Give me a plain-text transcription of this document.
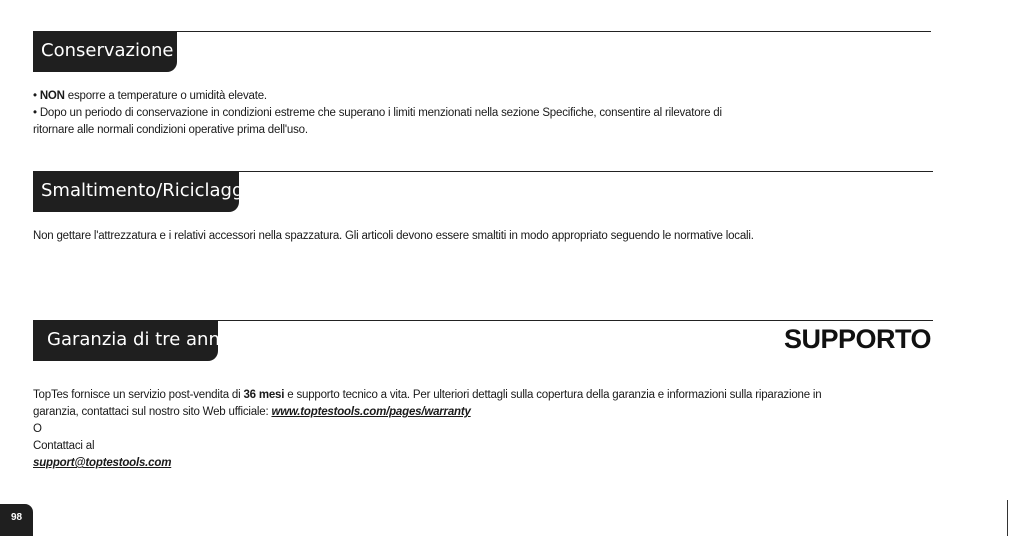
Conservazione

• NON esporre a temperature o umidità elevate.

• Dopo un periodo di conservazione in condizioni estreme che superano i limiti menzionati nella sezione Specifiche, consentire al rilevatore di

ritornare alle normali condizioni operative prima dell'uso.

Smaltimento/Riciclaggio

Non gettare l'attrezzatura e i relativi accessori nella spazzatura. Gli articoli devono essere smaltiti in modo appropriato seguendo le normative locali.

Garanzia di tre anni	SUPPORTO

TopTes fornisce un servizio post-vendita di 36 mesi e supporto tecnico a vita. Per ulteriori dettagli sulla copertura della garanzia e informazioni sulla riparazione in

garanzia, contattaci sul nostro sito Web ufficiale: www.toptestools.com/pages/warranty

O

Contattaci al

support@toptestools.com

98
